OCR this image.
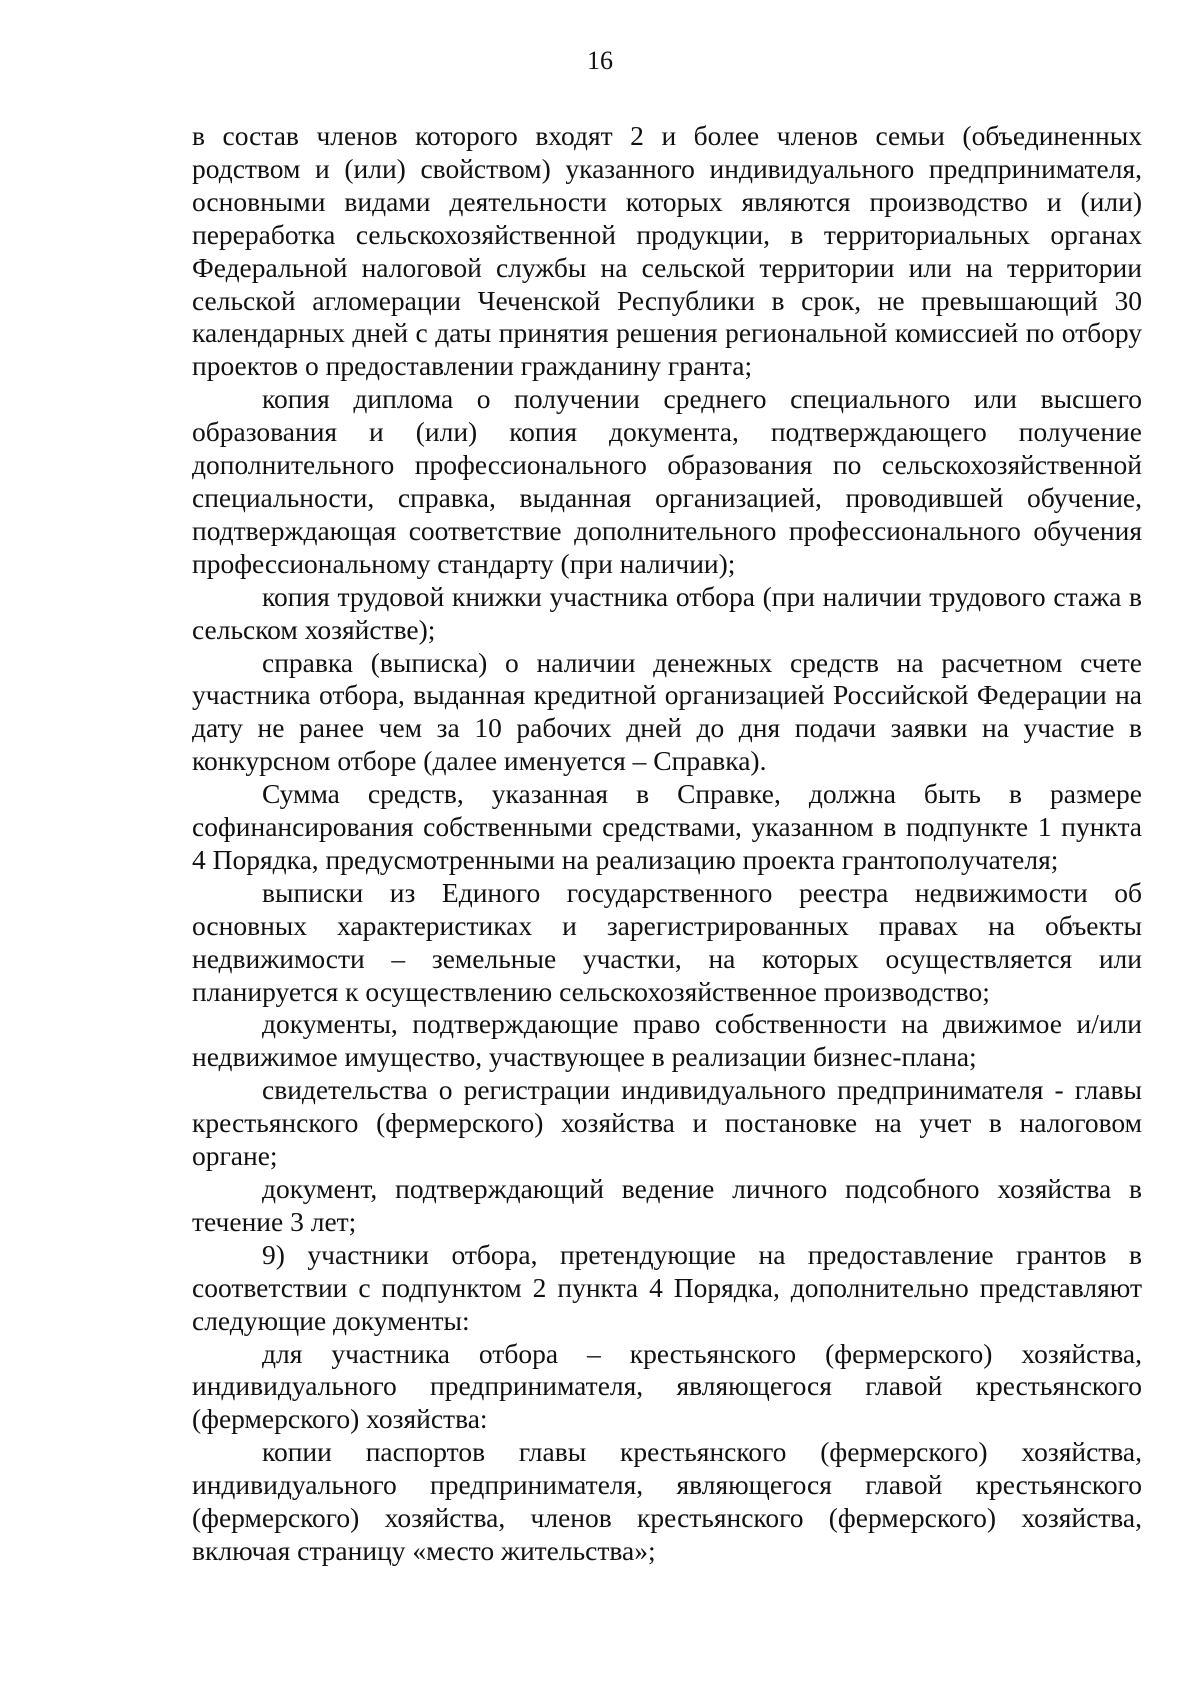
16

в состав членов которого входят 2 и более членов семьи (объединенных родством и (или) свойством) указанного индивидуального предпринимателя, основными видами деятельности которых являются производство и (или) переработка сельскохозяйственной продукции, в территориальных органах Федеральной налоговой службы на сельской территории или на территории сельской агломерации Чеченской Республики в срок, не превышающий 30 календарных дней с даты принятия решения региональной комиссией по отбору проектов о предоставлении гражданину гранта;

копия диплома о получении среднего специального или высшего образования и (или) копия документа, подтверждающего получение дополнительного профессионального образования по сельскохозяйственной специальности, справка, выданная организацией, проводившей обучение, подтверждающая соответствие дополнительного профессионального обучения профессиональному стандарту (при наличии);

копия трудовой книжки участника отбора (при наличии трудового стажа в сельском хозяйстве);

справка (выписка) о наличии денежных средств на расчетном счете участника отбора, выданная кредитной организацией Российской Федерации на дату не ранее чем за 10 рабочих дней до дня подачи заявки на участие в конкурсном отборе (далее именуется – Справка).

Сумма средств, указанная в Справке, должна быть в размере софинансирования собственными средствами, указанном в подпункте 1 пункта 4 Порядка, предусмотренными на реализацию проекта грантополучателя;

выписки из Единого государственного реестра недвижимости об основных характеристиках и зарегистрированных правах на объекты недвижимости – земельные участки, на которых осуществляется или планируется к осуществлению сельскохозяйственное производство;

документы, подтверждающие право собственности на движимое и/или недвижимое имущество, участвующее в реализации бизнес-плана;

свидетельства о регистрации индивидуального предпринимателя - главы крестьянского (фермерского) хозяйства и постановке на учет в налоговом органе;

документ, подтверждающий ведение личного подсобного хозяйства в течение 3 лет;

9) участники отбора, претендующие на предоставление грантов в соответствии с подпунктом 2 пункта 4 Порядка, дополнительно представляют следующие документы:

для участника отбора – крестьянского (фермерского) хозяйства, индивидуального предпринимателя, являющегося главой крестьянского (фермерского) хозяйства:

копии паспортов главы крестьянского (фермерского) хозяйства, индивидуального предпринимателя, являющегося главой крестьянского (фермерского) хозяйства, членов крестьянского (фермерского) хозяйства, включая страницу «место жительства»;
